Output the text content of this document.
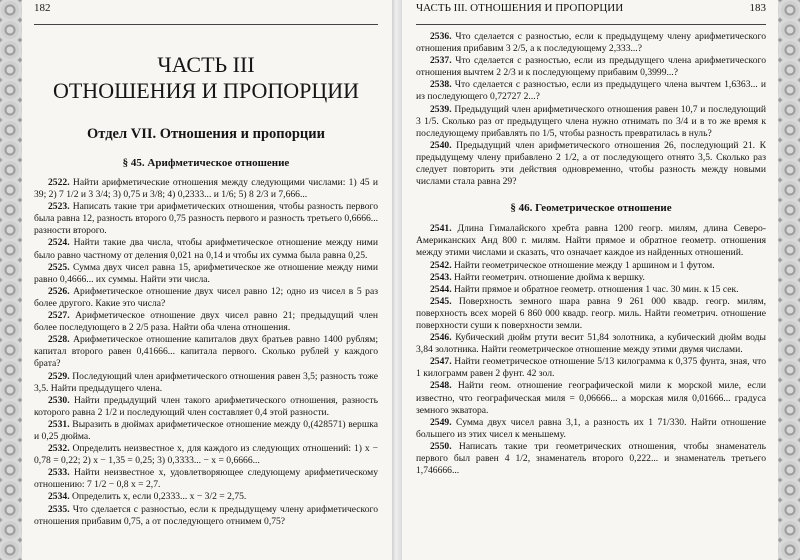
182
ЧАСТЬ III
ОТНОШЕНИЯ И ПРОПОРЦИИ
Отдел VII. Отношения и пропорции
§ 45. Арифметическое отношение

2522. Найти арифметические отношения между следующими числами: 1) 45 и 39; 2) 7 1/2 и 3 3/4; 3) 0,75 и 3/8; 4) 0,2333... и 1/6; 5) 8 2/3 и 7,666...

2523. Написать такие три арифметических отношения, чтобы разность первого была равна 12, разность второго 0,75 разность первого и разность третьего 0,6666... разности второго.

2524. Найти такие два числа, чтобы арифметическое отношение между ними было равно частному от деления 0,021 на 0,14 и чтобы их сумма была равна 0,25.

2525. Сумма двух чисел равна 15, арифметическое же отношение между ними равно 0,4666... их суммы. Найти эти числа.

2526. Арифметическое отношение двух чисел равно 12; одно из чисел в 5 раз более другого. Какие это числа?

2527. Арифметическое отношение двух чисел равно 21; предыдущий член более последующего в 2 2/5 раза. Найти оба члена отношения.

2528. Арифметическое отношение капиталов двух братьев равно 1400 рублям; капитал второго равен 0,41666... капитала первого. Сколько рублей у каждого брата?

2529. Последующий член арифметического отношения равен 3,5; разность тоже 3,5. Найти предыдущего члена.

2530. Найти предыдущий член такого арифметического отношения, разность которого равна 2 1/2 и последующий член составляет 0,4 этой разности.

2531. Выразить в дюймах арифметическое отношение между 0,(428571) вершка и 0,25 дюйма.

2532. Определить неизвестное x, для каждого из следующих отношений: 1) x − 0,78 = 0,22; 2) x − 1,35 = 0,25; 3) 0,3333... − x = 0,6666...

2533. Найти неизвестное x, удовлетворяющее следующему арифметическому отношению: 7 1/2 − 0,8 x = 2,7.

2534. Определить x, если 0,2333... x − 3/2 = 2,75.

2535. Что сделается с разностью, если к предыдущему члену арифметического отношения прибавим 0,75, а от последующего отнимем 0,75?

ЧАСТЬ III. ОТНОШЕНИЯ И ПРОПОРЦИИ	183

2536. Что сделается с разностью, если к предыдущему члену арифметического отношения прибавим 3 2/5, а к последующему 2,333...?

2537. Что сделается с разностью, если из предыдущего члена арифметического отношения вычтем 2 2/3 и к последующему прибавим 0,3999...?

2538. Что сделается с разностью, если из предыдущего члена вычтем 1,6363... и из последующего 0,72727 2...?

2539. Предыдущий член арифметического отношения равен 10,7 и последующий 3 1/5. Сколько раз от предыдущего члена нужно отнимать по 3/4 и в то же время к последующему прибавлять по 1/5, чтобы разность превратилась в нуль?

2540. Предыдущий член арифметического отношения 26, последующий 21. К предыдущему члену прибавлено 2 1/2, а от последующего отнято 3,5. Сколько раз следует повторить эти действия одновременно, чтобы разность между новыми числами стала равна 29?

§ 46. Геометрическое отношение

2541. Длина Гималайского хребта равна 1200 геогр. милям, длина Северо-Американских Анд 800 г. милям. Найти прямое и обратное геометр. отношения между этими числами и сказать, что означает каждое из найденных отношений.

2542. Найти геометрическое отношение между 1 аршином и 1 футом.

2543. Найти геометрич. отношение дюйма к вершку.

2544. Найти прямое и обратное геометр. отношения 1 час. 30 мин. к 15 сек.

2545. Поверхность земного шара равна 9 261 000 квадр. геогр. милям, поверхность всех морей 6 860 000 квадр. геогр. миль. Найти геометрич. отношение поверхности суши к поверхности земли.

2546. Кубический дюйм ртути весит 51,84 золотника, а кубический дюйм воды 3,84 золотника. Найти геометрическое отношение между этими двумя числами.

2547. Найти геометрическое отношение 5/13 килограмма к 0,375 фунта, зная, что 1 килограмм равен 2 фунт. 42 зол.

2548. Найти геом. отношение географической мили к морской миле, если известно, что географическая миля = 0,06666... а морская миля 0,01666... градуса земного экватора.

2549. Сумма двух чисел равна 3,1, а разность их 1 71/330. Найти отношение большего из этих чисел к меньшему.

2550. Написать такие три геометрических отношения, чтобы знаменатель первого был равен 4 1/2, знаменатель второго 0,222... и знаменатель третьего 1,746666...
